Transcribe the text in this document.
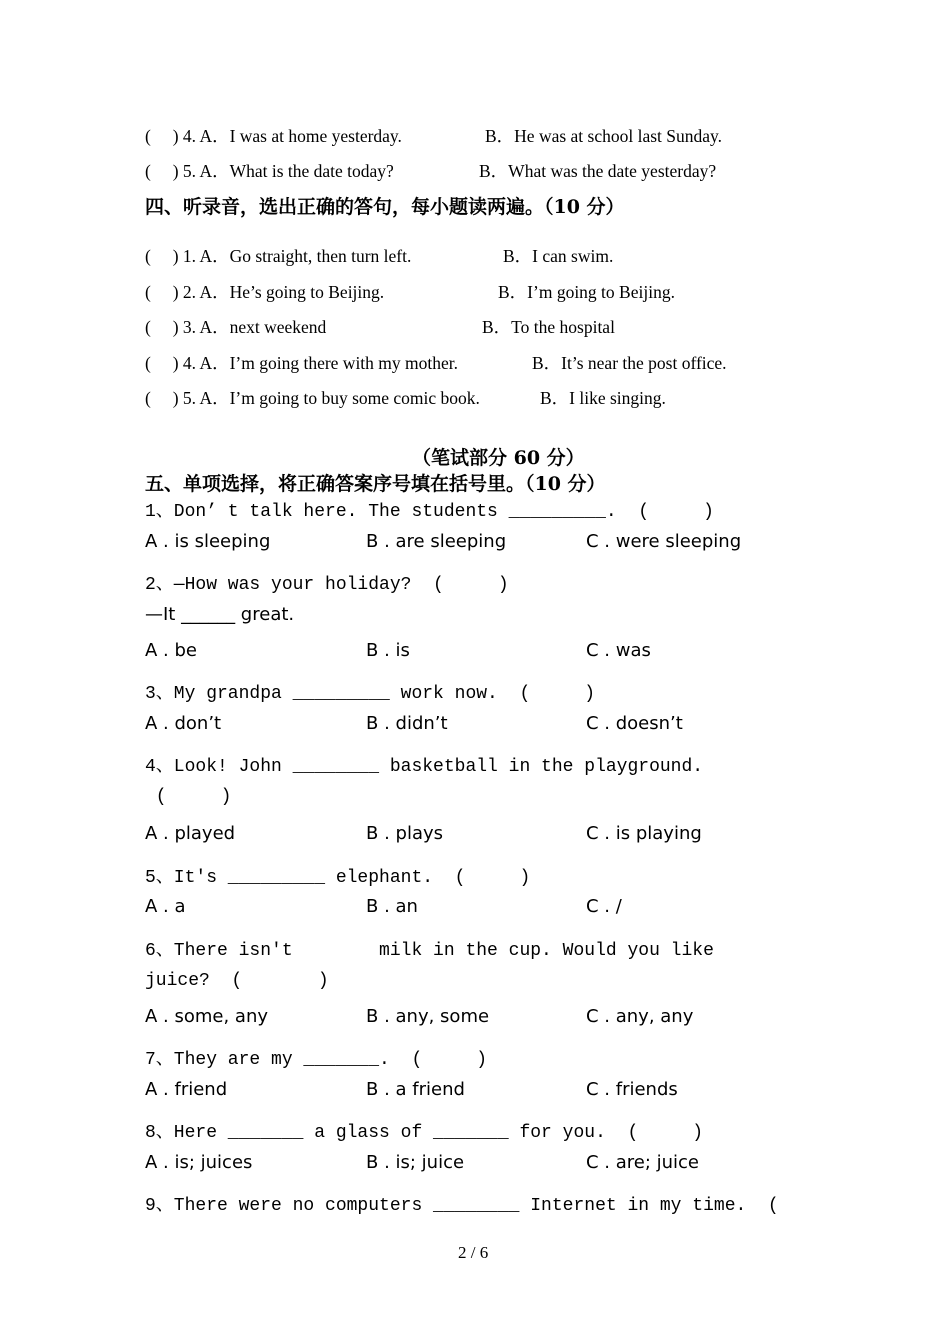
(     ) 4. A．I was at home yesterday.	B．He was at school last Sunday.
(     ) 5. A．What is the date today?	B．What was the date yesterday?
四、听录音，选出正确的答句，每小题读两遍。（10 分）
(     ) 1. A．Go straight, then turn left.	B．I can swim.
(     ) 2. A．He’s going to Beijing.	B．I’m going to Beijing.
(     ) 3. A．next weekend	B．To the hospital
(     ) 4. A．I’m going there with my mother.	B．It’s near the post office.
(     ) 5. A．I’m going to buy some comic book.	B．I like singing.
（笔试部分 60 分）
五、单项选择，将正确答案序号填在括号里。（10 分）
1、Don’ t talk here. The students _________.  (     )
A . is sleeping	B . are sleeping	C . were sleeping
2、—How was your holiday?  (     )
—It ______ great.
A . be	B . is	C . was
3、My grandpa _________ work now.  (     )
A . don’t	B . didn’t	C . doesn’t
4、Look! John ________ basketball in the playground.
(     )
A . played	B . plays	C . is playing
5、It's _________ elephant.  (     )
A . a	B . an	C . /
6、There isn't        milk in the cup. Would you like
juice?  (       )
A . some, any	B . any, some	C . any, any
7、They are my _______.  (     )
A . friend	B . a friend	C . friends
8、Here _______ a glass of _______ for you.  (     )
A . is; juices	B . is; juice	C . are; juice
9、There were no computers ________ Internet in my time.  (
2 / 6
